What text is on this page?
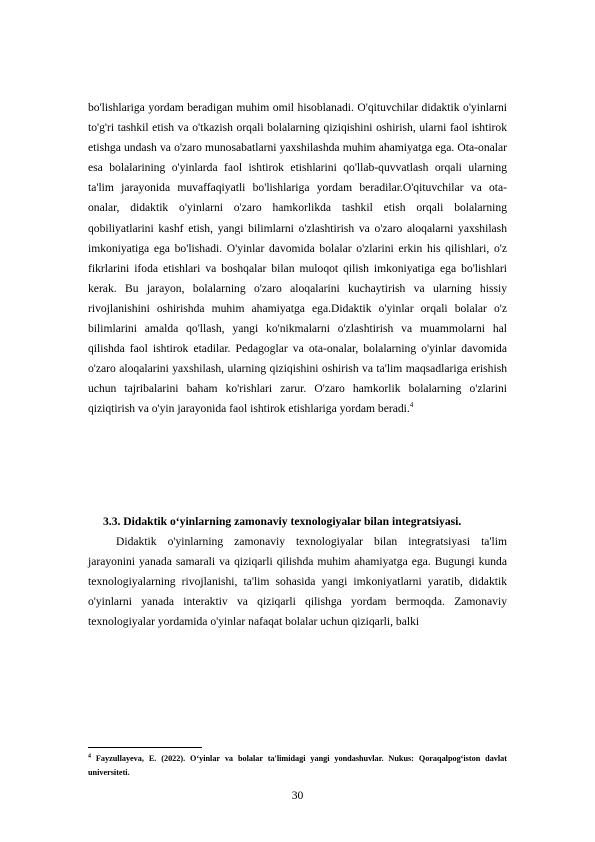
bo'lishlariga yordam beradigan muhim omil hisoblanadi. O'qituvchilar didaktik o'yinlarni to'g'ri tashkil etish va o'tkazish orqali bolalarning qiziqishini oshirish, ularni faol ishtirok etishga undash va o'zaro munosabatlarni yaxshilashda muhim ahamiyatga ega. Ota-onalar esa bolalarining o'yinlarda faol ishtirok etishlarini qo'llab-quvvatlash orqali ularning ta'lim jarayonida muvaffaqiyatli bo'lishlariga yordam beradilar.O'qituvchilar va ota-onalar, didaktik o'yinlarni o'zaro hamkorlikda tashkil etish orqali bolalarning qobiliyatlarini kashf etish, yangi bilimlarni o'zlashtirish va o'zaro aloqalarni yaxshilash imkoniyatiga ega bo'lishadi. O'yinlar davomida bolalar o'zlarini erkin his qilishlari, o'z fikrlarini ifoda etishlari va boshqalar bilan muloqot qilish imkoniyatiga ega bo'lishlari kerak. Bu jarayon, bolalarning o'zaro aloqalarini kuchaytirish va ularning hissiy rivojlanishini oshirishda muhim ahamiyatga ega.Didaktik o'yinlar orqali bolalar o'z bilimlarini amalda qo'llash, yangi ko'nikmalarni o'zlashtirish va muammolarni hal qilishda faol ishtirok etadilar. Pedagoglar va ota-onalar, bolalarning o'yinlar davomida o'zaro aloqalarini yaxshilash, ularning qiziqishini oshirish va ta'lim maqsadlariga erishish uchun tajribalarini baham ko'rishlari zarur. O'zaro hamkorlik bolalarning o'zlarini qiziqtirish va o'yin jarayonida faol ishtirok etishlariga yordam beradi.$^4$

3.3. Didaktik o‘yinlarning zamonaviy texnologiyalar bilan integratsiyasi.

Didaktik o'yinlarning zamonaviy texnologiyalar bilan integratsiyasi ta'lim jarayonini yanada samarali va qiziqarli qilishda muhim ahamiyatga ega. Bugungi kunda texnologiyalarning rivojlanishi, ta'lim sohasida yangi imkoniyatlarni yaratib, didaktik o'yinlarni yanada interaktiv va qiziqarli qilishga yordam bermoqda. Zamonaviy texnologiyalar yordamida o'yinlar nafaqat bolalar uchun qiziqarli, balki

$^4$ Fayzullayeva, E. (2022). O‘yinlar va bolalar ta'limidagi yangi yondashuvlar. Nukus: Qoraqalpog‘iston davlat universiteti.

30
